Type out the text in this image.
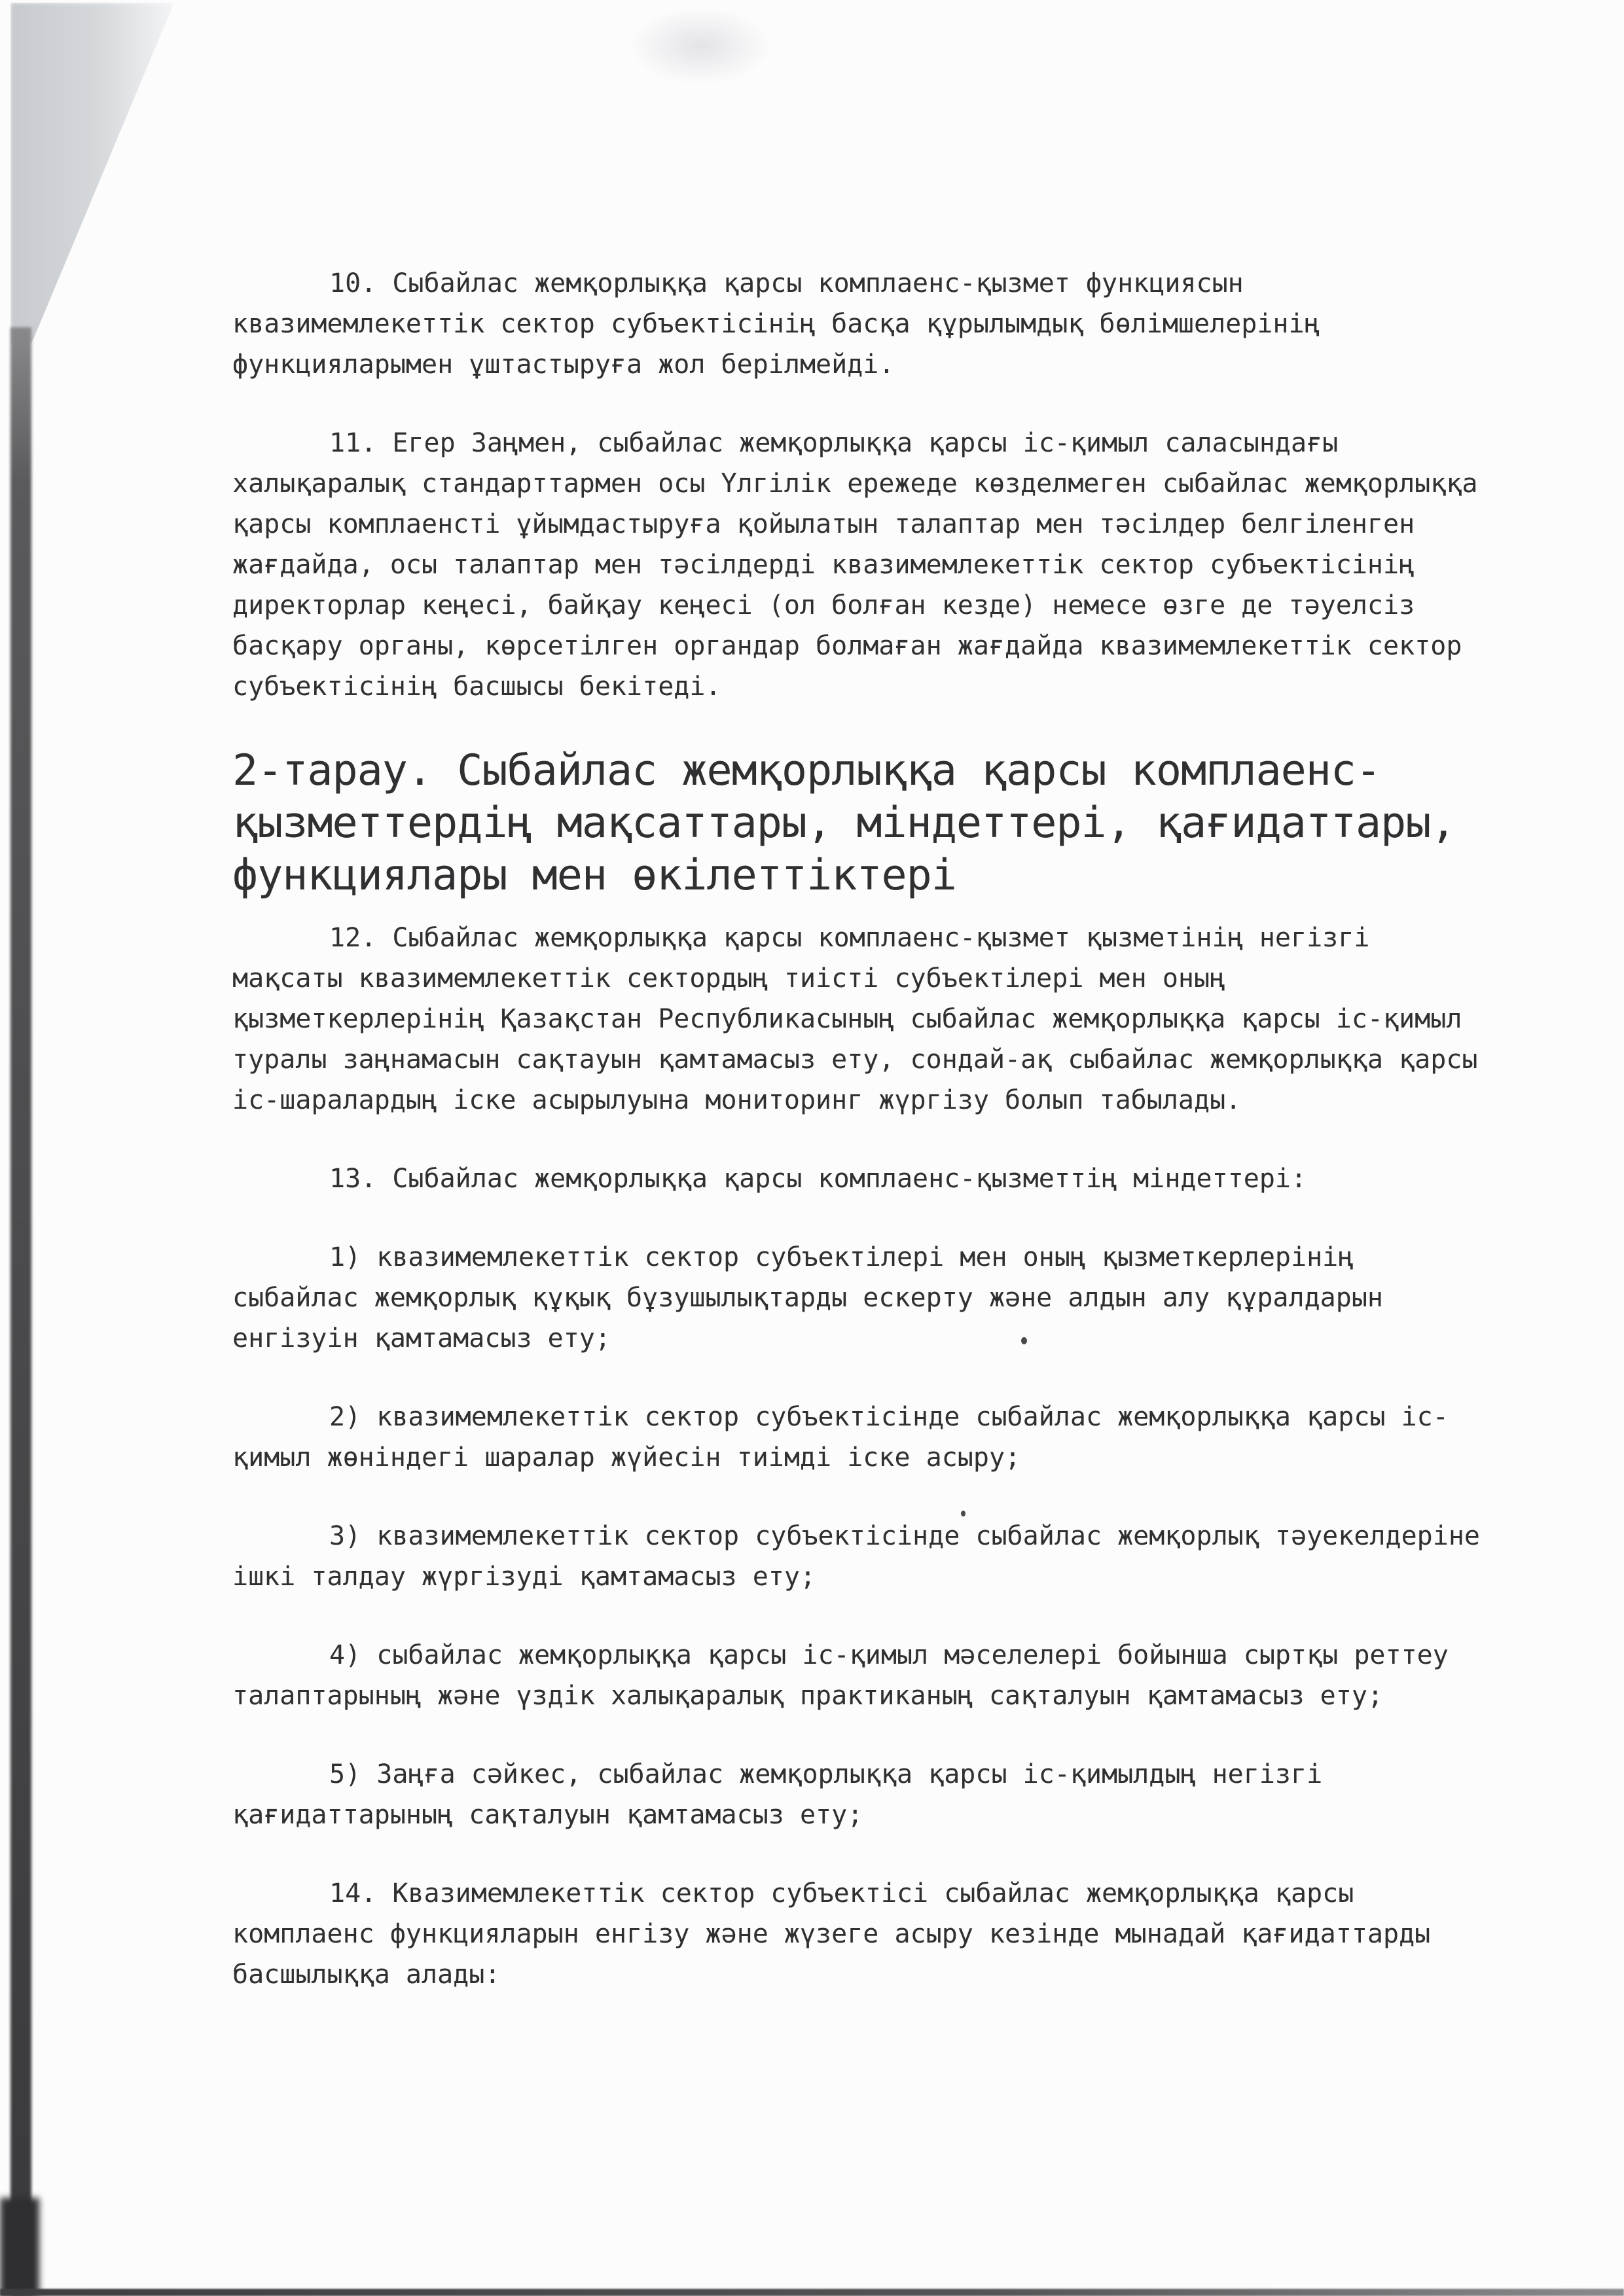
10. Сыбайлас жемқорлыққа қарсы комплаенс-қызмет функциясын
квазимемлекеттік сектор субъектісінің басқа құрылымдық бөлімшелерінің
функцияларымен ұштастыруға жол берілмейді.
11. Егер Заңмен, сыбайлас жемқорлыққа қарсы іс-қимыл саласындағы
халықаралық стандарттармен осы Үлгілік ережеде көзделмеген сыбайлас жемқорлыққа
қарсы комплаенсті ұйымдастыруға қойылатын талаптар мен тәсілдер белгіленген
жағдайда, осы талаптар мен тәсілдерді квазимемлекеттік сектор субъектісінің
директорлар кеңесі, байқау кеңесі (ол болған кезде) немесе өзге де тәуелсіз
басқару органы, көрсетілген органдар болмаған жағдайда квазимемлекеттік сектор
субъектісінің басшысы бекітеді.
2-тарау. Сыбайлас жемқорлыққа қарсы комплаенс-
қызметтердің мақсаттары, міндеттері, қағидаттары,
функциялары мен өкілеттіктері
12. Сыбайлас жемқорлыққа қарсы комплаенс-қызмет қызметінің негізгі
мақсаты квазимемлекеттік сектордың тиісті субъектілері мен оның
қызметкерлерінің Қазақстан Республикасының сыбайлас жемқорлыққа қарсы іс-қимыл
туралы заңнамасын сақтауын қамтамасыз ету, сондай-ақ сыбайлас жемқорлыққа қарсы
іс-шаралардың іске асырылуына мониторинг жүргізу болып табылады.
13. Сыбайлас жемқорлыққа қарсы комплаенс-қызметтің міндеттері:
1) квазимемлекеттік сектор субъектілері мен оның қызметкерлерінің
сыбайлас жемқорлық құқық бұзушылықтарды ескерту және алдын алу құралдарын
енгізуін қамтамасыз ету;
2) квазимемлекеттік сектор субъектісінде сыбайлас жемқорлыққа қарсы іс-
қимыл жөніндегі шаралар жүйесін тиімді іске асыру;
3) квазимемлекеттік сектор субъектісінде сыбайлас жемқорлық тәуекелдеріне
ішкі талдау жүргізуді қамтамасыз ету;
4) сыбайлас жемқорлыққа қарсы іс-қимыл мәселелері бойынша сыртқы реттеу
талаптарының және үздік халықаралық практиканың сақталуын қамтамасыз ету;
5) Заңға сәйкес, сыбайлас жемқорлыққа қарсы іс-қимылдың негізгі
қағидаттарының сақталуын қамтамасыз ету;
14. Квазимемлекеттік сектор субъектісі сыбайлас жемқорлыққа қарсы
комплаенс функцияларын енгізу және жүзеге асыру кезінде мынадай қағидаттарды
басшылыққа алады:
